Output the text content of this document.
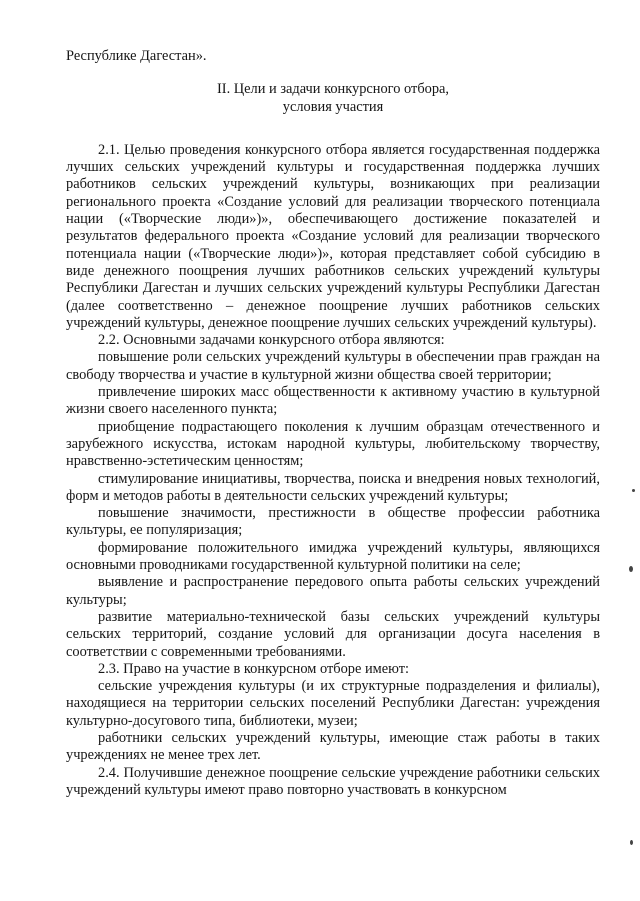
Республике Дагестан».

II. Цели и задачи конкурсного отбора,
условия участия

2.1. Целью проведения конкурсного отбора является государственная поддержка лучших сельских учреждений культуры и государственная поддержка лучших работников сельских учреждений культуры, возникающих при реализации регионального проекта «Создание условий для реализации творческого потенциала нации («Творческие люди»)», обеспечивающего достижение показателей и результатов федерального проекта «Создание условий для реализации творческого потенциала нации («Творческие люди»)», которая представляет собой субсидию в виде денежного поощрения лучших работников сельских учреждений культуры Республики Дагестан и лучших сельских учреждений культуры Республики Дагестан (далее соответственно – денежное поощрение лучших работников сельских учреждений культуры, денежное поощрение лучших сельских учреждений культуры).

2.2. Основными задачами конкурсного отбора являются:

повышение роли сельских учреждений культуры в обеспечении прав граждан на свободу творчества и участие в культурной жизни общества своей территории;

привлечение широких масс общественности к активному участию в культурной жизни своего населенного пункта;

приобщение подрастающего поколения к лучшим образцам отечественного и зарубежного искусства, истокам народной культуры, любительскому творчеству, нравственно-эстетическим ценностям;

стимулирование инициативы, творчества, поиска и внедрения новых технологий, форм и методов работы в деятельности сельских учреждений культуры;

повышение значимости, престижности в обществе профессии работника культуры, ее популяризация;

формирование положительного имиджа учреждений культуры, являющихся основными проводниками государственной культурной политики на селе;

выявление и распространение передового опыта работы сельских учреждений культуры;

развитие материально-технической базы сельских учреждений культуры сельских территорий, создание условий для организации досуга населения в соответствии с современными требованиями.

2.3. Право на участие в конкурсном отборе имеют:

сельские учреждения культуры (и их структурные подразделения и филиалы), находящиеся на территории сельских поселений Республики Дагестан: учреждения культурно-досугового типа, библиотеки, музеи;

работники сельских учреждений культуры, имеющие стаж работы в таких учреждениях не менее трех лет.

2.4. Получившие денежное поощрение сельские учреждение работники сельских учреждений культуры имеют право повторно участвовать в конкурсном
